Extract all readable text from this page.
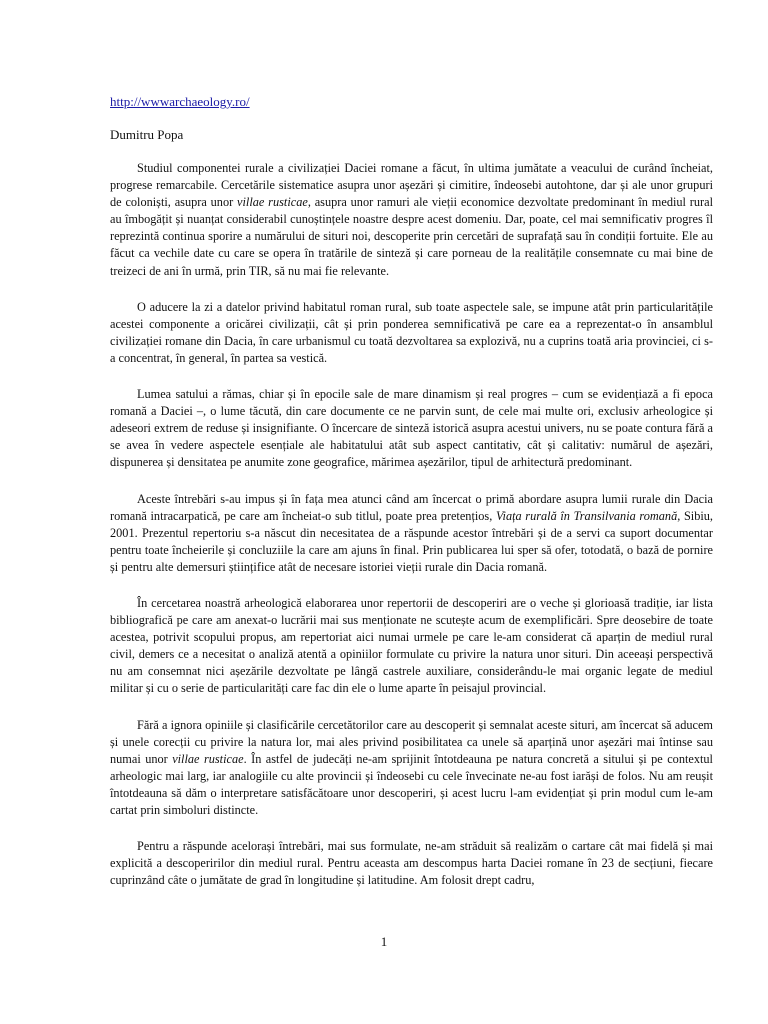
http://wwwarchaeology.ro/

Dumitru Popa

Studiul componentei rurale a civilizației Daciei romane a făcut, în ultima jumătate a veacului de curând încheiat, progrese remarcabile. Cercetările sistematice asupra unor așezări și cimitire, îndeosebi autohtone, dar și ale unor grupuri de coloniști, asupra unor villae rusticae, asupra unor ramuri ale vieții economice dezvoltate predominant în mediul rural au îmbogățit și nuanțat considerabil cunoștințele noastre despre acest domeniu. Dar, poate, cel mai semnificativ progres îl reprezintă continua sporire a numărului de situri noi, descoperite prin cercetări de suprafață sau în condiții fortuite. Ele au făcut ca vechile date cu care se opera în tratările de sinteză și care porneau de la realitățile consemnate cu mai bine de treizeci de ani în urmă, prin TIR, să nu mai fie relevante.

O aducere la zi a datelor privind habitatul roman rural, sub toate aspectele sale, se impune atât prin particularitățile acestei componente a oricărei civilizații, cât și prin ponderea semnificativă pe care ea a reprezentat-o în ansamblul civilizației romane din Dacia, în care urbanismul cu toată dezvoltarea sa explozivă, nu a cuprins toată aria provinciei, ci s-a concentrat, în general, în partea sa vestică.

Lumea satului a rămas, chiar și în epocile sale de mare dinamism și real progres – cum se evidențiază a fi epoca romană a Daciei –, o lume tăcută, din care documente ce ne parvin sunt, de cele mai multe ori, exclusiv arheologice și adeseori extrem de reduse și insignifiante. O încercare de sinteză istorică asupra acestui univers, nu se poate contura fără a se avea în vedere aspectele esențiale ale habitatului atât sub aspect cantitativ, cât și calitativ: numărul de așezări, dispunerea și densitatea pe anumite zone geografice, mărimea așezărilor, tipul de arhitectură predominant.

Aceste întrebări s-au impus și în fața mea atunci când am încercat o primă abordare asupra lumii rurale din Dacia romană intracarpatică, pe care am încheiat-o sub titlul, poate prea pretențios, Viața rurală în Transilvania romană, Sibiu, 2001. Prezentul repertoriu s-a născut din necesitatea de a răspunde acestor întrebări și de a servi ca suport documentar pentru toate încheierile și concluziile la care am ajuns în final. Prin publicarea lui sper să ofer, totodată, o bază de pornire și pentru alte demersuri științifice atât de necesare istoriei vieții rurale din Dacia romană.

În cercetarea noastră arheologică elaborarea unor repertorii de descoperiri are o veche și glorioasă tradiție, iar lista bibliografică pe care am anexat-o lucrării mai sus menționate ne scutește acum de exemplificări. Spre deosebire de toate acestea, potrivit scopului propus, am repertoriat aici numai urmele pe care le-am considerat că aparțin de mediul rural civil, demers ce a necesitat o analiză atentă a opiniilor formulate cu privire la natura unor situri. Din aceeași perspectivă nu am consemnat nici așezările dezvoltate pe lângă castrele auxiliare, considerându-le mai organic legate de mediul militar și cu o serie de particularități care fac din ele o lume aparte în peisajul provincial.

Fără a ignora opiniile și clasificările cercetătorilor care au descoperit și semnalat aceste situri, am încercat să aducem și unele corecții cu privire la natura lor, mai ales privind posibilitatea ca unele să aparțină unor așezări mai întinse sau numai unor villae rusticae. În astfel de judecăți ne-am sprijinit întotdeauna pe natura concretă a sitului și pe contextul arheologic mai larg, iar analogiile cu alte provincii și îndeosebi cu cele învecinate ne-au fost iarăși de folos. Nu am reușit întotdeauna să dăm o interpretare satisfăcătoare unor descoperiri, și acest lucru l-am evidențiat și prin modul cum le-am cartat prin simboluri distincte.

Pentru a răspunde acelorași întrebări, mai sus formulate, ne-am străduit să realizăm o cartare cât mai fidelă și mai explicită a descoperirilor din mediul rural. Pentru aceasta am descompus harta Daciei romane în 23 de secțiuni, fiecare cuprinzând câte o jumătate de grad în longitudine și latitudine. Am folosit drept cadru,

1
